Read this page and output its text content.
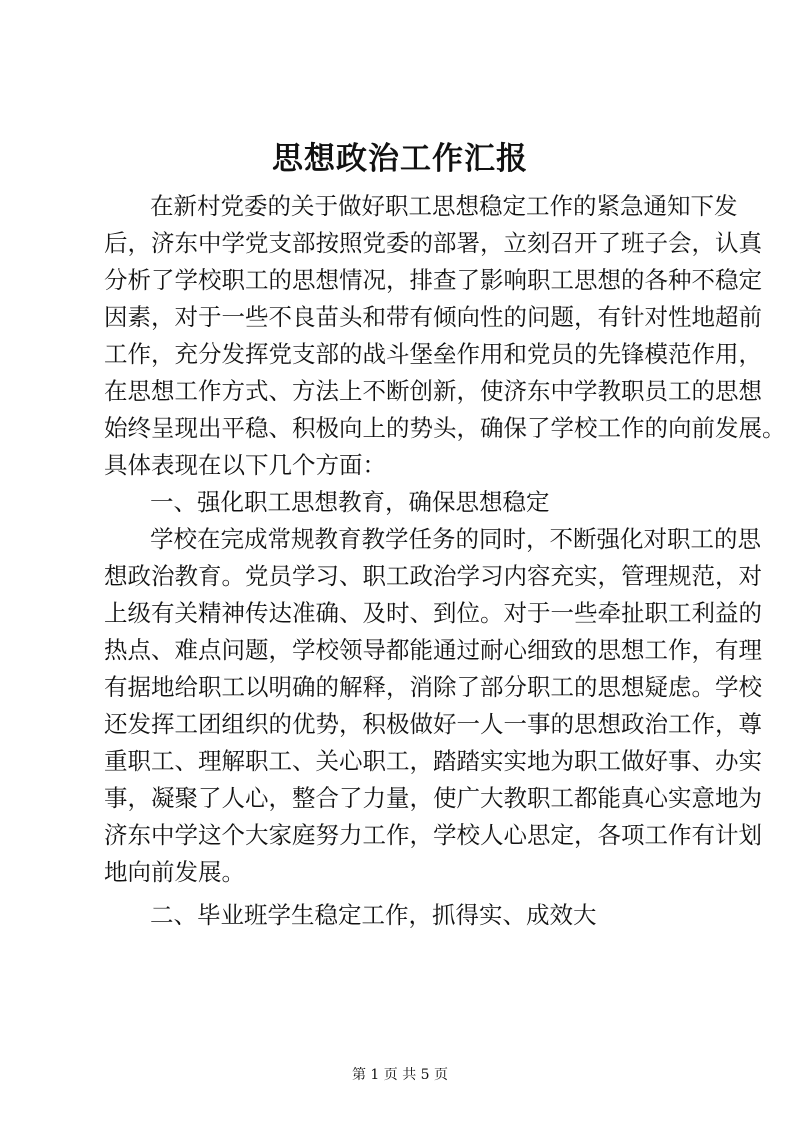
思想政治工作汇报
在新村党委的关于做好职工思想稳定工作的紧急通知下发
后，济东中学党支部按照党委的部署，立刻召开了班子会，认真
分析了学校职工的思想情况，排查了影响职工思想的各种不稳定
因素，对于一些不良苗头和带有倾向性的问题，有针对性地超前
工作，充分发挥党支部的战斗堡垒作用和党员的先锋模范作用，
在思想工作方式、方法上不断创新，使济东中学教职员工的思想
始终呈现出平稳、积极向上的势头，确保了学校工作的向前发展。
具体表现在以下几个方面：
一、强化职工思想教育，确保思想稳定
学校在完成常规教育教学任务的同时，不断强化对职工的思
想政治教育。党员学习、职工政治学习内容充实，管理规范，对
上级有关精神传达准确、及时、到位。对于一些牵扯职工利益的
热点、难点问题，学校领导都能通过耐心细致的思想工作，有理
有据地给职工以明确的解释，消除了部分职工的思想疑虑。学校
还发挥工团组织的优势，积极做好一人一事的思想政治工作，尊
重职工、理解职工、关心职工，踏踏实实地为职工做好事、办实
事，凝聚了人心，整合了力量，使广大教职工都能真心实意地为
济东中学这个大家庭努力工作，学校人心思定，各项工作有计划
地向前发展。
二、毕业班学生稳定工作，抓得实、成效大
第 1 页 共 5 页
